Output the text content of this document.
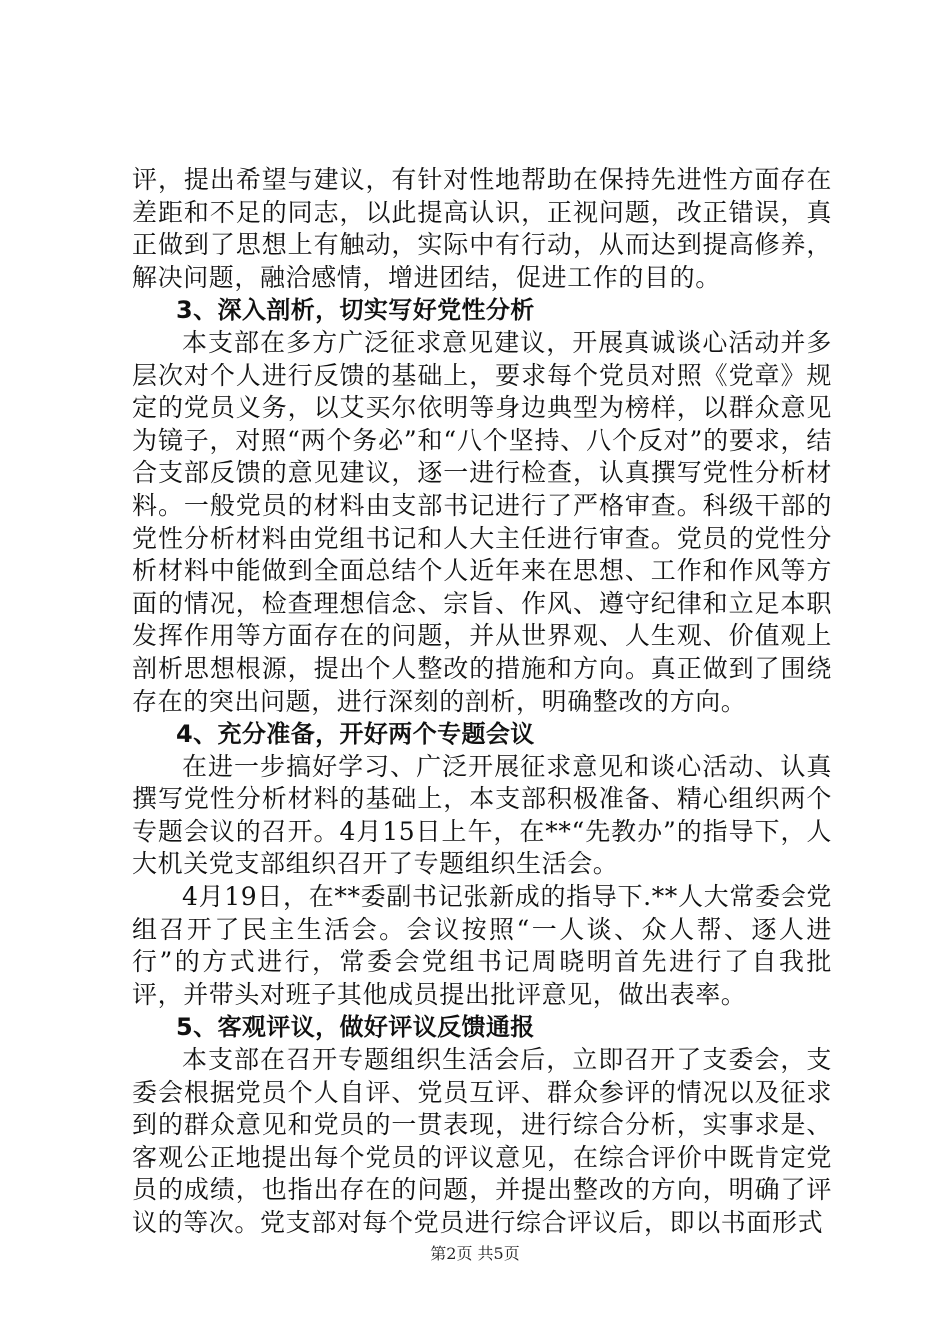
评，提出希望与建议，有针对性地帮助在保持先进性方面存在差距和不足的同志，以此提高认识，正视问题，改正错误，真正做到了思想上有触动，实际中有行动，从而达到提高修养，解决问题，融洽感情，增进团结，促进工作的目的。

3、深入剖析，切实写好党性分析

本支部在多方广泛征求意见建议，开展真诚谈心活动并多层次对个人进行反馈的基础上，要求每个党员对照《党章》规定的党员义务，以艾买尔依明等身边典型为榜样，以群众意见为镜子，对照“两个务必”和“八个坚持、八个反对”的要求，结合支部反馈的意见建议，逐一进行检查，认真撰写党性分析材料。一般党员的材料由支部书记进行了严格审查。科级干部的党性分析材料由党组书记和人大主任进行审查。党员的党性分析材料中能做到全面总结个人近年来在思想、工作和作风等方面的情况，检查理想信念、宗旨、作风、遵守纪律和立足本职发挥作用等方面存在的问题，并从世界观、人生观、价值观上剖析思想根源，提出个人整改的措施和方向。真正做到了围绕存在的突出问题，进行深刻的剖析，明确整改的方向。

4、充分准备，开好两个专题会议

在进一步搞好学习、广泛开展征求意见和谈心活动、认真撰写党性分析材料的基础上，本支部积极准备、精心组织两个专题会议的召开。4月15日上午，在**“先教办”的指导下，人大机关党支部组织召开了专题组织生活会。

4月19日，在**委副书记张新成的指导下.**人大常委会党组召开了民主生活会。会议按照“一人谈、众人帮、逐人进行”的方式进行，常委会党组书记周晓明首先进行了自我批评，并带头对班子其他成员提出批评意见，做出表率。

5、客观评议，做好评议反馈通报

本支部在召开专题组织生活会后，立即召开了支委会，支委会根据党员个人自评、党员互评、群众参评的情况以及征求到的群众意见和党员的一贯表现，进行综合分析，实事求是、客观公正地提出每个党员的评议意见，在综合评价中既肯定党员的成绩，也指出存在的问题，并提出整改的方向，明确了评议的等次。党支部对每个党员进行综合评议后，即以书面形式

第2页 共5页
